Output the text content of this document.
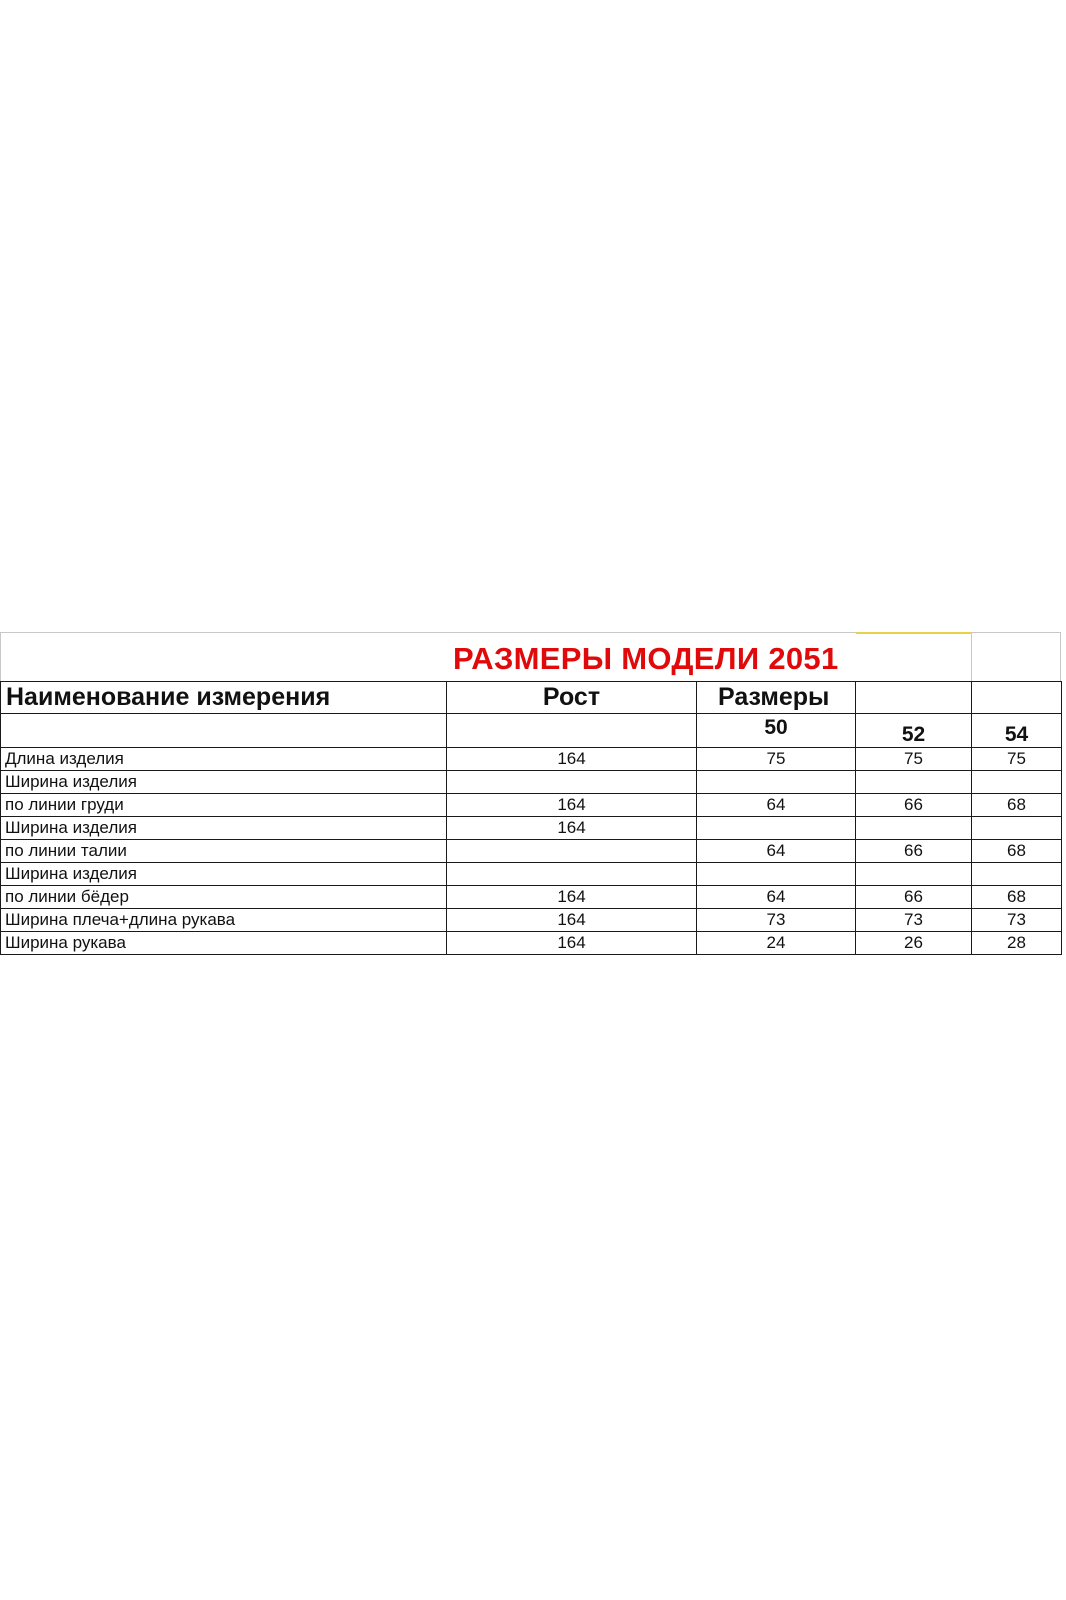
РАЗМЕРЫ МОДЕЛИ 2051
Наименование измерения	Рост	Размеры		
		50	52	54
Длина изделия	164	75	75	75
Ширина изделия				
по линии груди	164	64	66	68
Ширина изделия	164			
по линии талии		64	66	68
Ширина изделия				
по линии бёдер	164	64	66	68
Ширина плеча+длина рукава	164	73	73	73
Ширина рукава	164	24	26	28
